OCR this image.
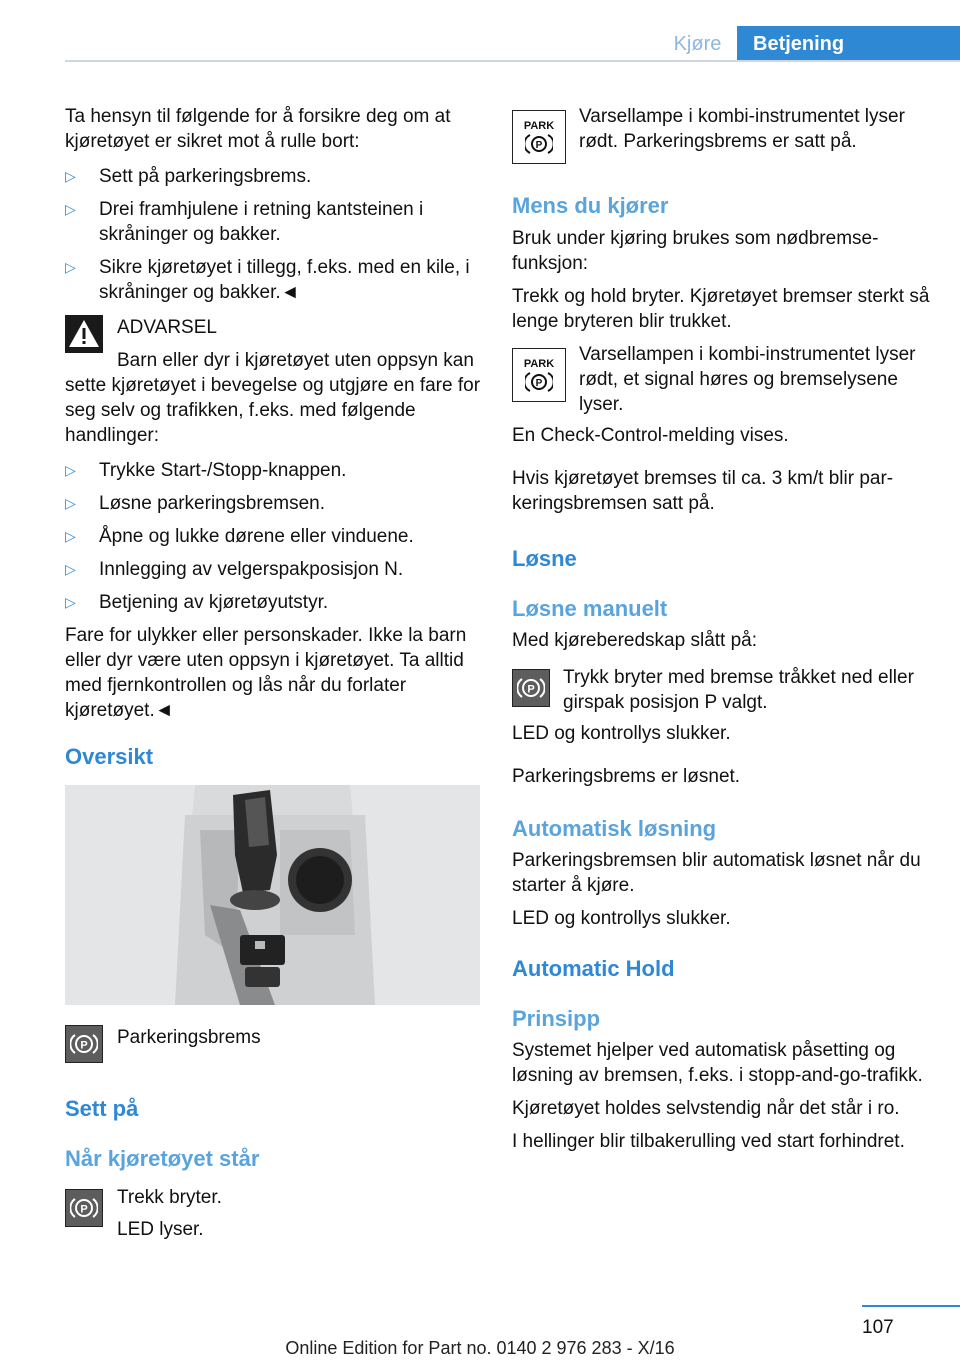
Kjøre	Betjening

Ta hensyn til følgende for å forsikre deg om at kjøretøyet er sikret mot å rulle bort:

▷	Sett på parkeringsbrems.
▷	Drei framhjulene i retning kantsteinen i skråninger og bakker.
▷	Sikre kjøretøyet i tillegg, f.eks. med en kile, i skråninger og bakker.◄

ADVARSEL

Barn eller dyr i kjøretøyet uten oppsyn kan sette kjøretøyet i bevegelse og utgjøre en fare for seg selv og trafikken, f.eks. med følgende handlinger:

▷	Trykke Start-/Stopp-knappen.
▷	Løsne parkeringsbremsen.
▷	Åpne og lukke dørene eller vinduene.
▷	Innlegging av velgerspakposisjon N.
▷	Betjening av kjøretøyutstyr.

Fare for ulykker eller personskader. Ikke la barn eller dyr være uten oppsyn i kjøretøyet. Ta alltid med fjernkontrollen og lås når du forlater kjøretøyet.◄

Oversikt
P Parkeringsbrems
Sett på
Når kjøretøyet står
P

Trekk bryter.

LED lyser.

PARK
P

Varsellampe i kombi-instrumentet lyser rødt. Parkeringsbrems er satt på.

Mens du kjører

Bruk under kjøring brukes som nødbremsefunksjon:

Trekk og hold bryter. Kjøretøyet bremser sterkt så lenge bryteren blir trukket.

PARK
P

Varsellampen i kombi-instrumentet lyser rødt, et signal høres og bremselysene lyser.

En Check-Control-melding vises.

Hvis kjøretøyet bremses til ca. 3 km/t blir parkeringsbremsen satt på.

Løsne
Løsne manuelt

Med kjøreberedskap slått på:

P

Trykk bryter med bremse tråkket ned eller girspak posisjon P valgt.

LED og kontrollys slukker.

Parkeringsbrems er løsnet.

Automatisk løsning

Parkeringsbremsen blir automatisk løsnet når du starter å kjøre.

LED og kontrollys slukker.

Automatic Hold
Prinsipp

Systemet hjelper ved automatisk påsetting og løsning av bremsen, f.eks. i stopp-and-go-trafikk.

Kjøretøyet holdes selvstendig når det står i ro.

I hellinger blir tilbakerulling ved start forhindret.

107
Online Edition for Part no. 0140 2 976 283 - X/16
